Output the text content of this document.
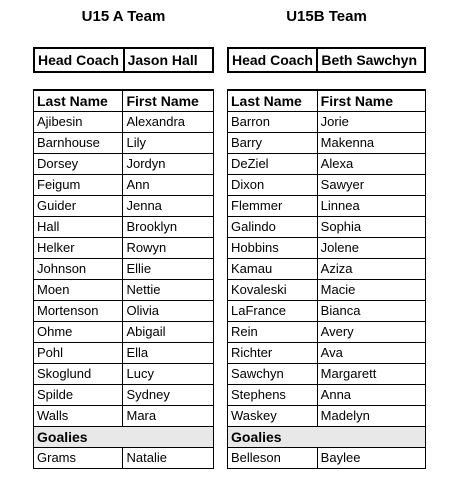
U15 A Team
Head Coach	Jason Hall
Last Name	First Name
Ajibesin	Alexandra
Barnhouse	Lily
Dorsey	Jordyn
Feigum	Ann
Guider	Jenna
Hall	Brooklyn
Helker	Rowyn
Johnson	Ellie
Moen	Nettie
Mortenson	Olivia
Ohme	Abigail
Pohl	Ella
Skoglund	Lucy
Spilde	Sydney
Walls	Mara
Goalies	
Grams	Natalie
U15B Team
Head Coach	Beth Sawchyn
Last Name	First Name
Barron	Jorie
Barry	Makenna
DeZiel	Alexa
Dixon	Sawyer
Flemmer	Linnea
Galindo	Sophia
Hobbins	Jolene
Kamau	Aziza
Kovaleski	Macie
LaFrance	Bianca
Rein	Avery
Richter	Ava
Sawchyn	Margarett
Stephens	Anna
Waskey	Madelyn
Goalies	
Belleson	Baylee
